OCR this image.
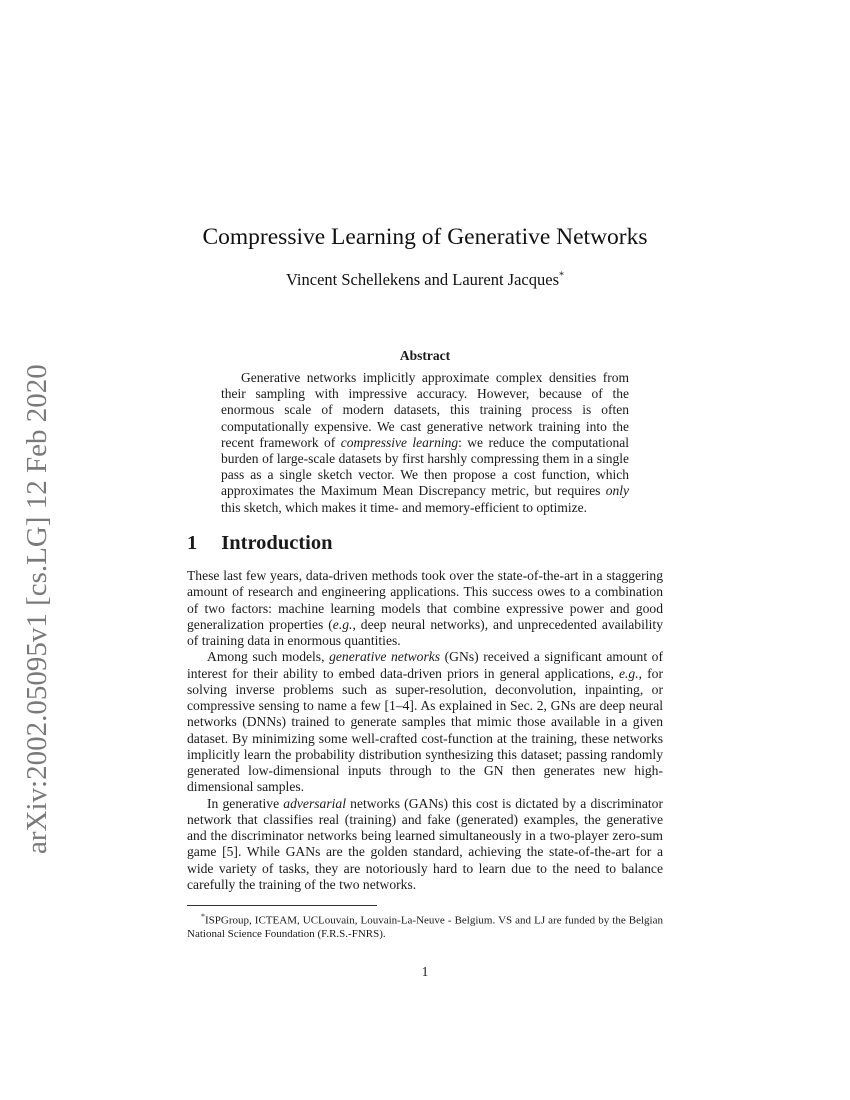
arXiv:2002.05095v1 [cs.LG] 12 Feb 2020
Compressive Learning of Generative Networks
Vincent Schellekens and Laurent Jacques*
Abstract
Generative networks implicitly approximate complex densities from their sampling with impressive accuracy. However, because of the enormous scale of modern datasets, this training process is often computationally expensive. We cast generative network training into the recent framework of compressive learning: we reduce the computational burden of large-scale datasets by first harshly compressing them in a single pass as a single sketch vector. We then propose a cost function, which approximates the Maximum Mean Discrepancy metric, but requires only this sketch, which makes it time- and memory-efficient to optimize.
1 Introduction

These last few years, data-driven methods took over the state-of-the-art in a staggering amount of research and engineering applications. This success owes to a combination of two factors: machine learning models that combine expressive power and good generalization properties (e.g., deep neural networks), and unprecedented availability of training data in enormous quantities.

Among such models, generative networks (GNs) received a significant amount of interest for their ability to embed data-driven priors in general applications, e.g., for solving inverse problems such as super-resolution, deconvolution, inpainting, or compressive sensing to name a few [1–4]. As explained in Sec. 2, GNs are deep neural networks (DNNs) trained to generate samples that mimic those available in a given dataset. By minimizing some well-crafted cost-function at the training, these networks implicitly learn the probability distribution synthesizing this dataset; passing randomly generated low-dimensional inputs through to the GN then generates new high-dimensional samples.

In generative adversarial networks (GANs) this cost is dictated by a discriminator network that classifies real (training) and fake (generated) examples, the generative and the discriminator networks being learned simultaneously in a two-player zero-sum game [5]. While GANs are the golden standard, achieving the state-of-the-art for a wide variety of tasks, they are notoriously hard to learn due to the need to balance carefully the training of the two networks.

*ISPGroup, ICTEAM, UCLouvain, Louvain-La-Neuve - Belgium. VS and LJ are funded by the Belgian National Science Foundation (F.R.S.-FNRS).
1
